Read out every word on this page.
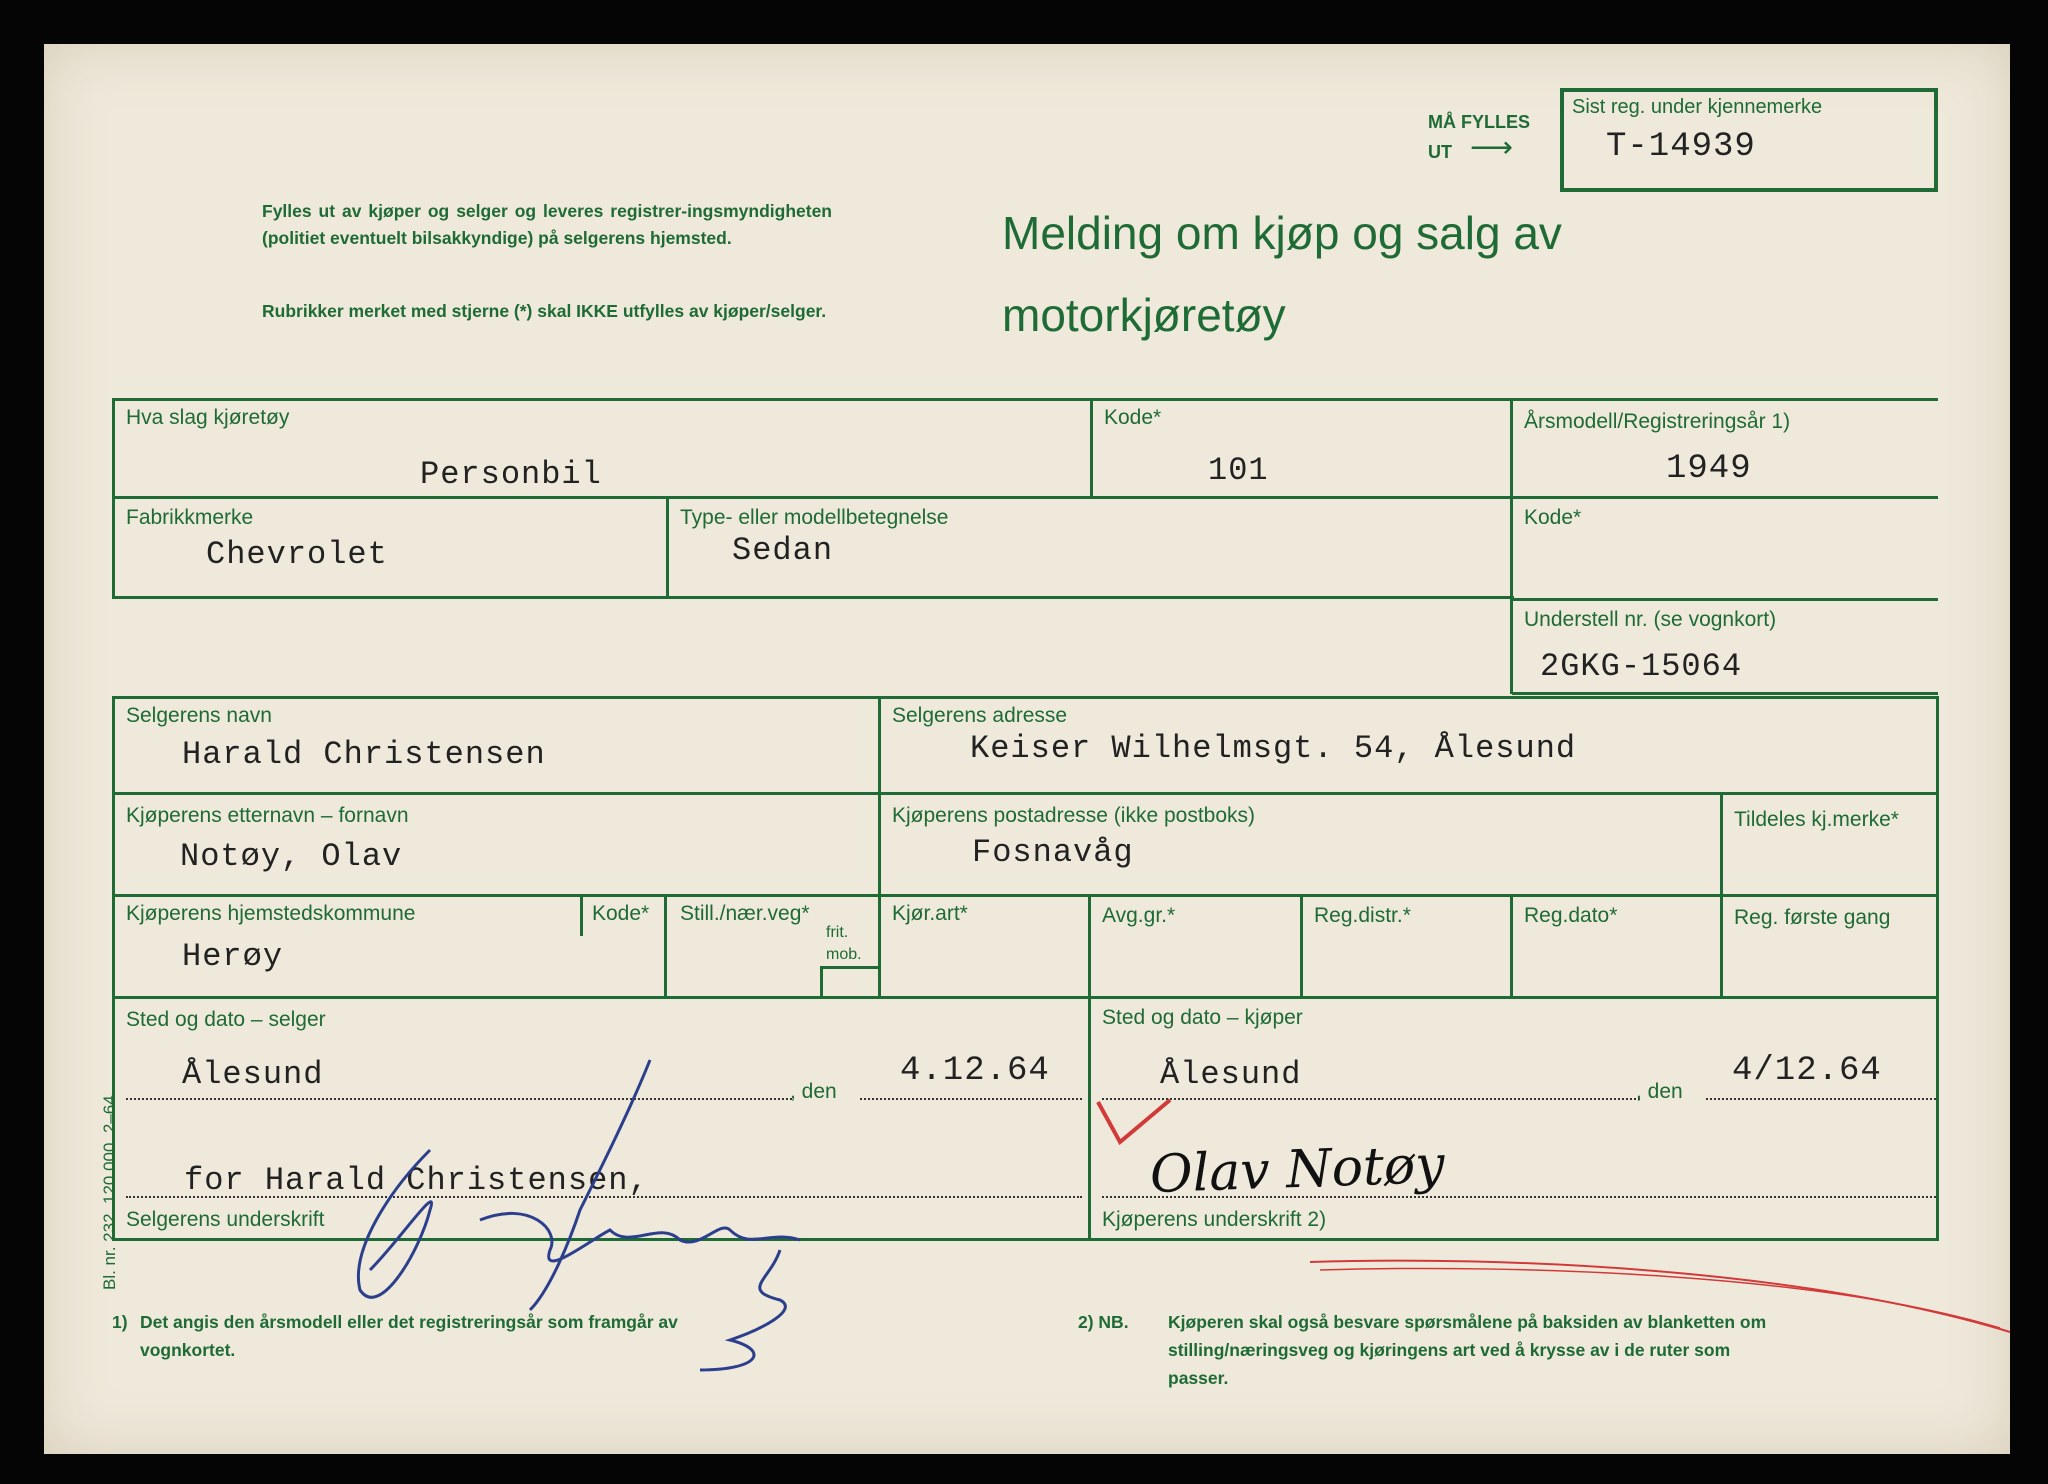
MÅ FYLLES
UT ⟶
Sist reg. under kjennemerke
T-14939
Fylles ut av kjøper og selger og leveres registrer-ingsmyndigheten (politiet eventuelt bilsakkyndige) på selgerens hjemsted.
Rubrikker merket med stjerne (*) skal IKKE utfylles av kjøper/selger.
Melding om kjøp og salg av
motorkjøretøy
Hva slag kjøretøy
Personbil
Kode*
101
Årsmodell/Registreringsår 1)
1949
Fabrikkmerke
Chevrolet
Type- eller modellbetegnelse
Sedan
Kode*
Understell nr. (se vognkort)
2GKG-15064
Selgerens navn
Harald Christensen
Selgerens adresse
Keiser Wilhelmsgt. 54, Ålesund
Kjøperens etternavn – fornavn
Notøy, Olav
Kjøperens postadresse (ikke postboks)
Fosnavåg
Tildeles kj.merke*
Kjøperens hjemstedskommune
Herøy
Kode* Still./nær.veg*
frit.
mob.
Kjør.art*	Avg.gr.*	Reg.distr.*	Reg.dato*	Reg. første gang
Sted og dato – selger
Ålesund	, den
4.12.64
Sted og dato – kjøper
Ålesund	, den
4/12.64
for Harald Christensen,
Selgerens underskrift	Kjøperens underskrift 2)
Olav Notøy
Bl. nr. 232. 120 000. 2–64.
1) Det angis den årsmodell eller det registreringsår som framgår av vognkortet.
2) NB. Kjøperen skal også besvare spørsmålene på baksiden av blanketten om stilling/næringsveg og kjøringens art ved å krysse av i de ruter som passer.
